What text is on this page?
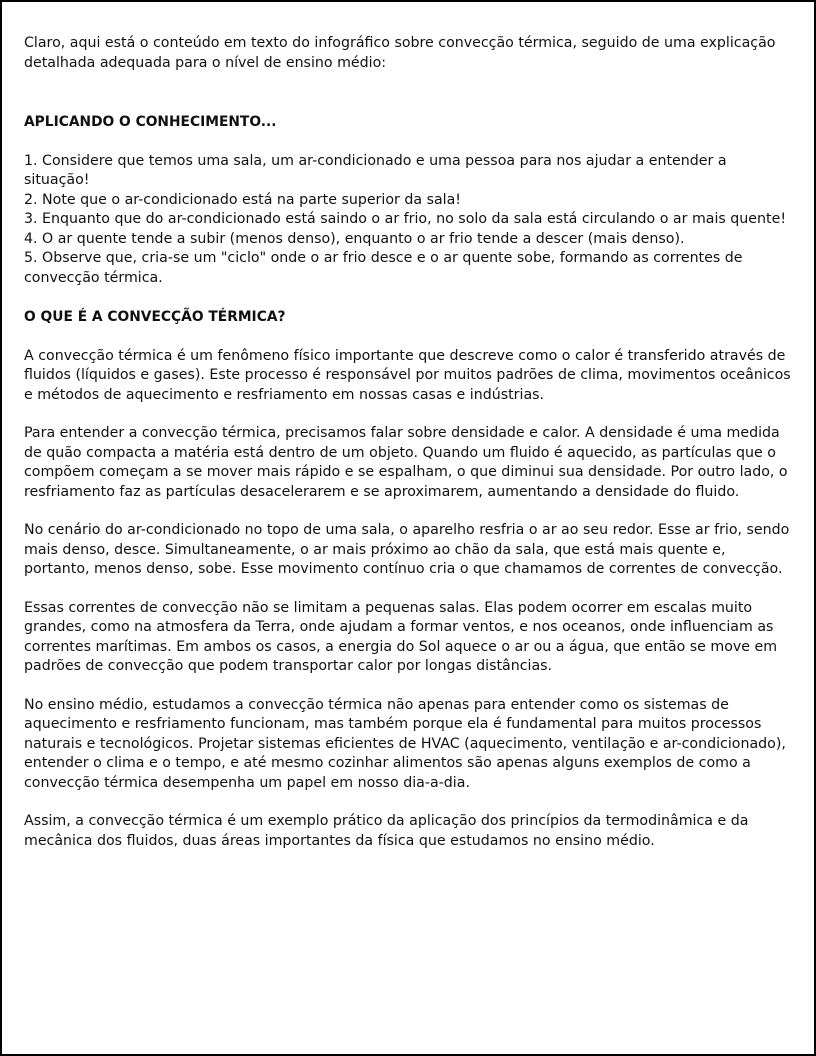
Claro, aqui está o conteúdo em texto do infográfico sobre convecção térmica, seguido de uma explicação detalhada adequada para o nível de ensino médio:

APLICANDO O CONHECIMENTO...
1. Considere que temos uma sala, um ar-condicionado e uma pessoa para nos ajudar a entender a situação!
2. Note que o ar-condicionado está na parte superior da sala!
3. Enquanto que do ar-condicionado está saindo o ar frio, no solo da sala está circulando o ar mais quente!
4. O ar quente tende a subir (menos denso), enquanto o ar frio tende a descer (mais denso).
5. Observe que, cria-se um "ciclo" onde o ar frio desce e o ar quente sobe, formando as correntes de convecção térmica.
O QUE É A CONVECÇÃO TÉRMICA?

A convecção térmica é um fenômeno físico importante que descreve como o calor é transferido através de fluidos (líquidos e gases). Este processo é responsável por muitos padrões de clima, movimentos oceânicos e métodos de aquecimento e resfriamento em nossas casas e indústrias.

Para entender a convecção térmica, precisamos falar sobre densidade e calor. A densidade é uma medida de quão compacta a matéria está dentro de um objeto. Quando um fluido é aquecido, as partículas que o compõem começam a se mover mais rápido e se espalham, o que diminui sua densidade. Por outro lado, o resfriamento faz as partículas desacelerarem e se aproximarem, aumentando a densidade do fluido.

No cenário do ar-condicionado no topo de uma sala, o aparelho resfria o ar ao seu redor. Esse ar frio, sendo mais denso, desce. Simultaneamente, o ar mais próximo ao chão da sala, que está mais quente e, portanto, menos denso, sobe. Esse movimento contínuo cria o que chamamos de correntes de convecção.

Essas correntes de convecção não se limitam a pequenas salas. Elas podem ocorrer em escalas muito grandes, como na atmosfera da Terra, onde ajudam a formar ventos, e nos oceanos, onde influenciam as correntes marítimas. Em ambos os casos, a energia do Sol aquece o ar ou a água, que então se move em padrões de convecção que podem transportar calor por longas distâncias.

No ensino médio, estudamos a convecção térmica não apenas para entender como os sistemas de aquecimento e resfriamento funcionam, mas também porque ela é fundamental para muitos processos naturais e tecnológicos. Projetar sistemas eficientes de HVAC (aquecimento, ventilação e ar-condicionado), entender o clima e o tempo, e até mesmo cozinhar alimentos são apenas alguns exemplos de como a convecção térmica desempenha um papel em nosso dia-a-dia.

Assim, a convecção térmica é um exemplo prático da aplicação dos princípios da termodinâmica e da mecânica dos fluidos, duas áreas importantes da física que estudamos no ensino médio.
